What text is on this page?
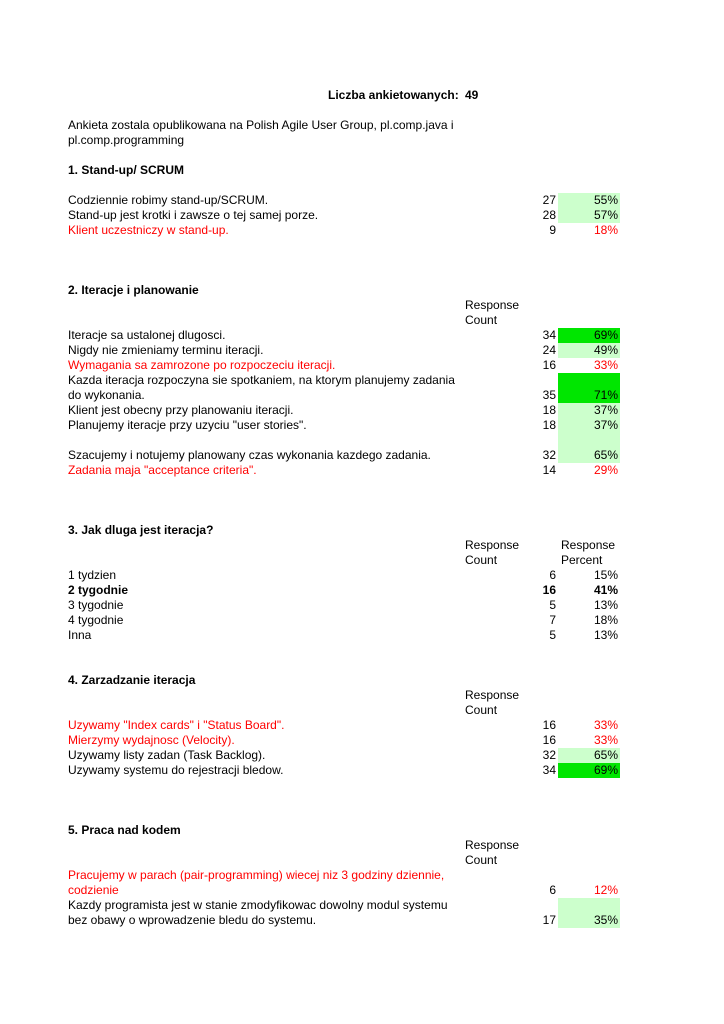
Liczba ankietowanych: 49
Ankieta zostala opublikowana na Polish Agile User Group, pl.comp.java i
pl.comp.programming
1. Stand-up/ SCRUM
Codziennie robimy stand-up/SCRUM.	27	55%
Stand-up jest krotki i zawsze o tej samej porze.	28	57%
Klient uczestniczy w stand-up.	9	18%
2. Iteracje i planowanie
Response
Count
Iteracje sa ustalonej dlugosci.	34	69%
Nigdy nie zmieniamy terminu iteracji.	24	49%
Wymagania sa zamrozone po rozpoczeciu iteracji.	16	33%
Kazda iteracja rozpoczyna sie spotkaniem, na ktorym planujemy zadania
do wykonania.	35	71%
Klient jest obecny przy planowaniu iteracji.	18	37%
Planujemy iteracje przy uzyciu "user stories".	18	37%
Szacujemy i notujemy planowany czas wykonania kazdego zadania.	32	65%
Zadania maja "acceptance criteria".	14	29%
3. Jak dluga jest iteracja?
Response
Count
Response
Percent
1 tydzien	6	15%
2 tygodnie	16	41%
3 tygodnie	5	13%
4 tygodnie	7	18%
Inna	5	13%
4. Zarzadzanie iteracja
Response
Count
Uzywamy "Index cards" i "Status Board".	16	33%
Mierzymy wydajnosc (Velocity).	16	33%
Uzywamy listy zadan (Task Backlog).	32	65%
Uzywamy systemu do rejestracji bledow.	34	69%
5. Praca nad kodem
Response
Count
Pracujemy w parach (pair-programming) wiecej niz 3 godziny dziennie,
codzienie	6	12%
Kazdy programista jest w stanie zmodyfikowac dowolny modul systemu
bez obawy o wprowadzenie bledu do systemu.	17	35%
